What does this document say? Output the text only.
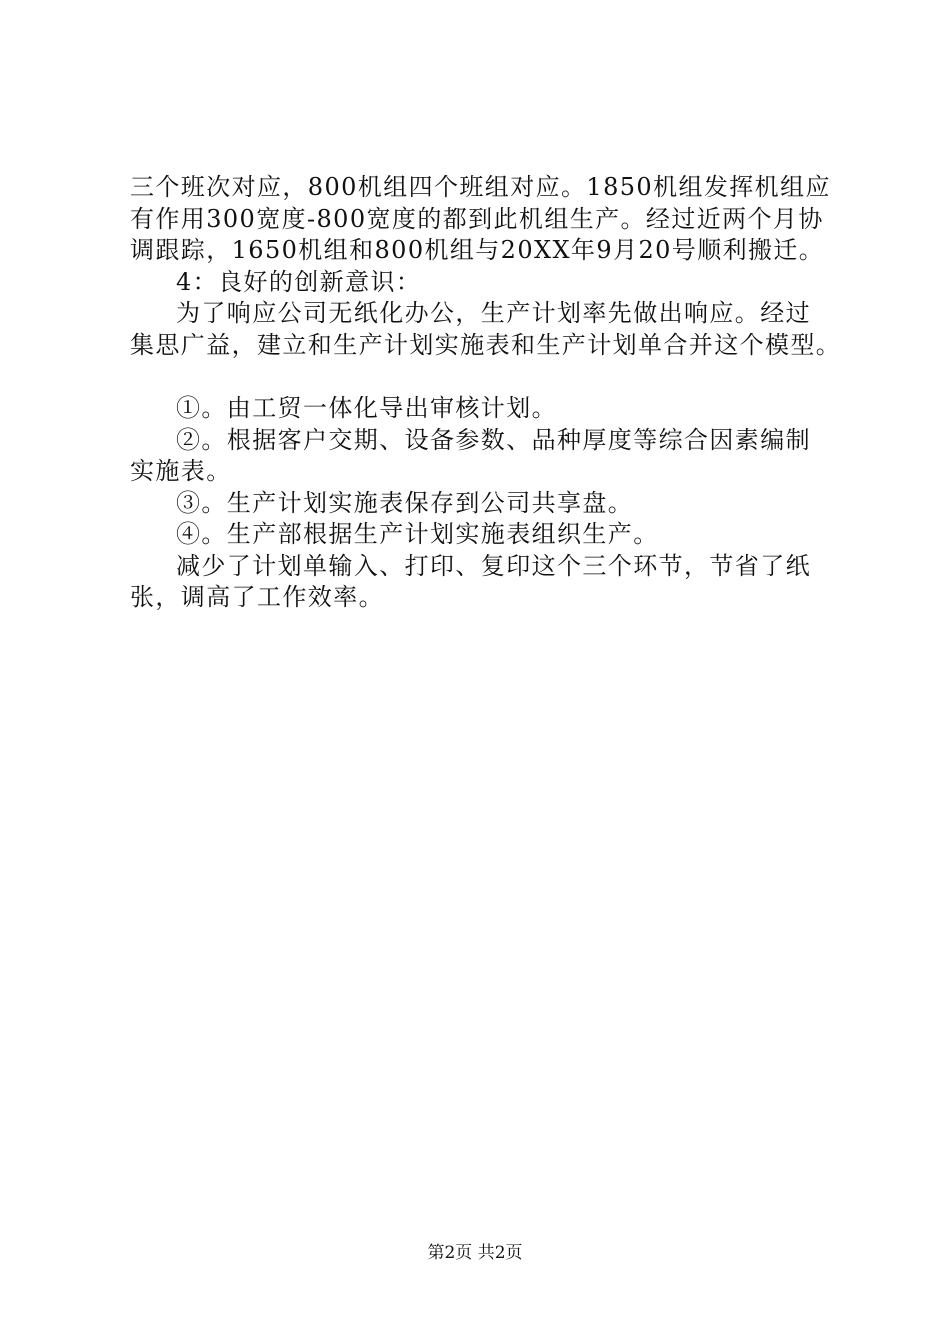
三个班次对应，800机组四个班组对应。1850机组发挥机组应
有作用300宽度-800宽度的都到此机组生产。经过近两个月协
调跟踪，1650机组和800机组与20XX年9月20号顺利搬迁。
4：良好的创新意识：
为了响应公司无纸化办公，生产计划率先做出响应。经过
集思广益，建立和生产计划实施表和生产计划单合并这个模型。
①。由工贸一体化导出审核计划。
②。根据客户交期、设备参数、品种厚度等综合因素编制
实施表。
③。生产计划实施表保存到公司共享盘。
④。生产部根据生产计划实施表组织生产。
减少了计划单输入、打印、复印这个三个环节，节省了纸
张，调高了工作效率。
第2页 共2页
